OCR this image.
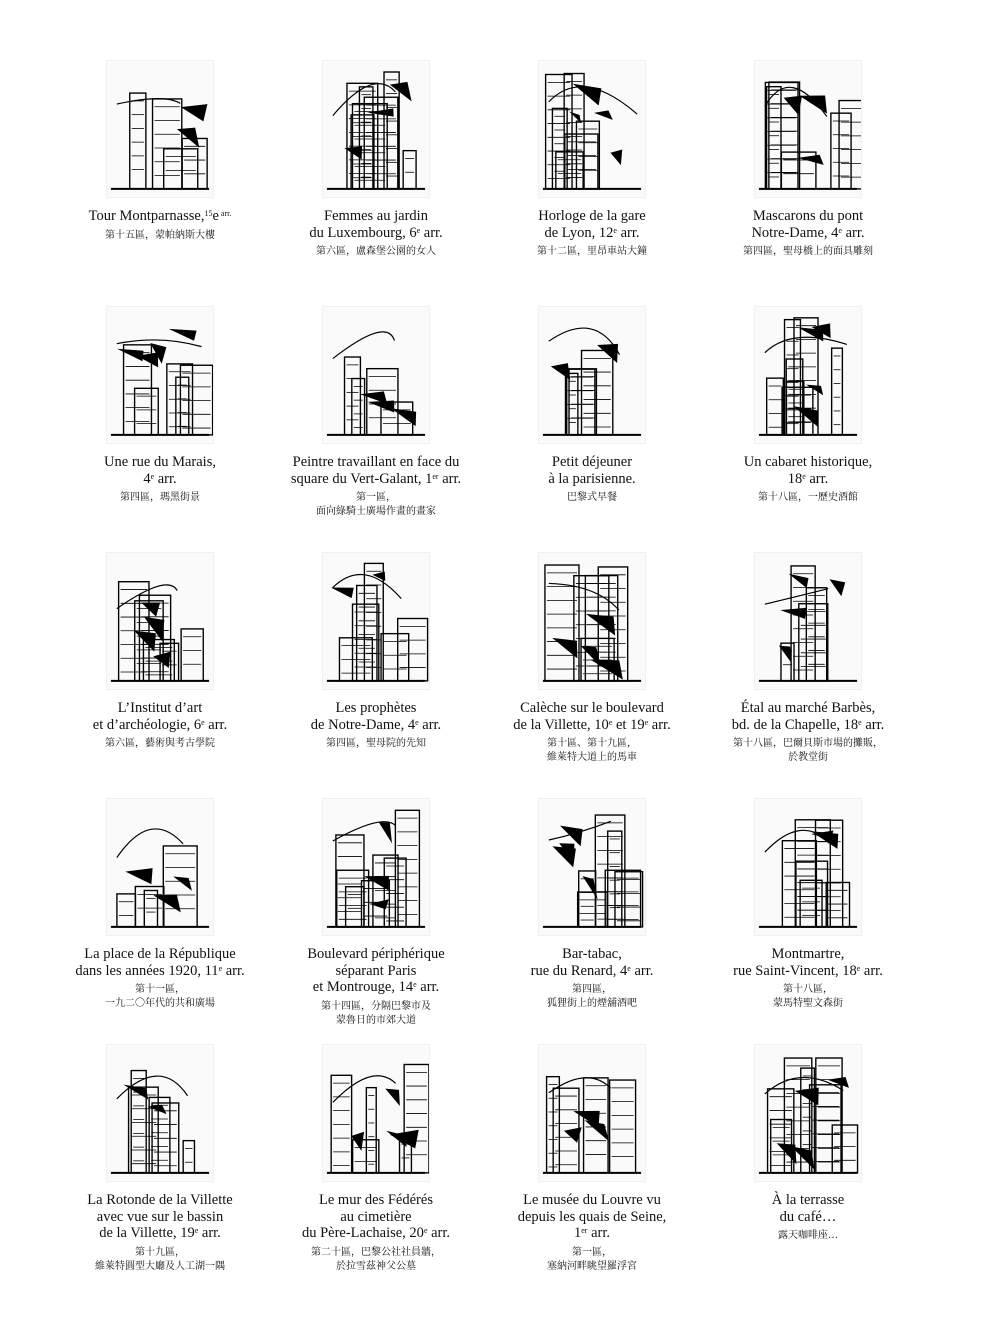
Tour Montparnasse,$^{15}$e $^{arr.}$
第十五區，蒙帕納斯大樓
Femmes au jardin
du Luxembourg, 6e arr.
第六區，盧森堡公園的女人
Horloge de la gare
de Lyon, 12e arr.
第十二區，里昂車站大鐘
Mascarons du pont
Notre-Dame, 4e arr.
第四區，聖母橋上的面具雕刻
Une rue du Marais,
4e arr.
第四區，瑪黑街景
Peintre travaillant en face du
square du Vert-Galant, 1er arr.
第一區，
面向綠騎士廣場作畫的畫家
Petit déjeuner
à la parisienne.
巴黎式早餐
Un cabaret historique,
18e arr.
第十八區，一歷史酒館
L’Institut d’art
et d’archéologie, 6e arr.
第六區，藝術與考古學院
Les prophètes
de Notre-Dame, 4e arr.
第四區，聖母院的先知
Calèche sur le boulevard
de la Villette, 10e et 19e arr.
第十區、第十九區，
維萊特大道上的馬車
Étal au marché Barbès,
bd. de la Chapelle, 18e arr.
第十八區，巴爾貝斯市場的攤販，
於教堂街
La place de la République
dans les années 1920, 11e arr.
第十一區，
一九二〇年代的共和廣場
Boulevard périphérique
séparant Paris
et Montrouge, 14e arr.
第十四區，分隔巴黎市及
蒙魯日的市郊大道
Bar-tabac,
rue du Renard, 4e arr.
第四區，
狐狸街上的煙舖酒吧
Montmartre,
rue Saint-Vincent, 18e arr.
第十八區，
蒙馬特聖文森街
La Rotonde de la Villette
avec vue sur le bassin
de la Villette, 19e arr.
第十九區，
維萊特圓型大廳及人工湖一隅
Le mur des Fédérés
au cimetière
du Père-Lachaise, 20e arr.
第二十區，巴黎公社社員牆，
於拉雪茲神父公墓
Le musée du Louvre vu
depuis les quais de Seine,
1er arr.
第一區，
塞納河畔眺望羅浮宮
À la terrasse
du café…
露天咖啡座…
